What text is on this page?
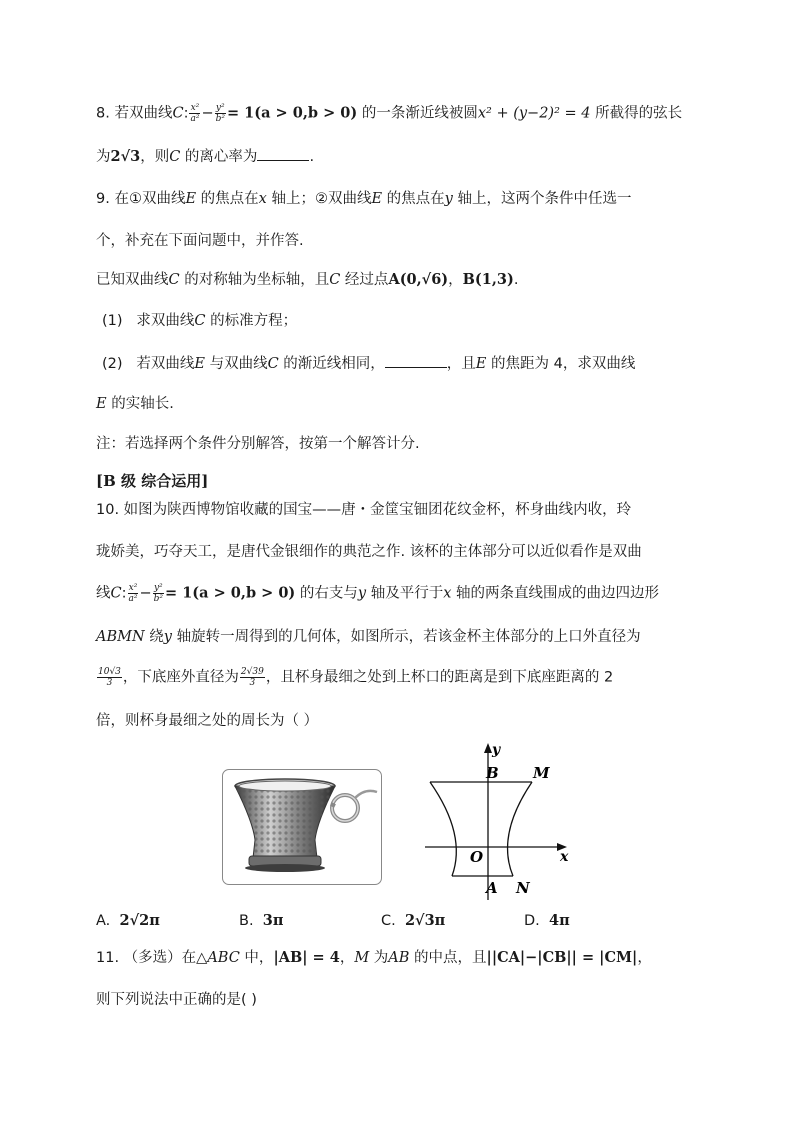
8. 若双曲线C: $\frac{\text{x²}}{\text{a²}} - \frac{\text{y²}}{\text{b²}} = 1(a > 0,b > 0)$ 的一条渐近线被圆x² + (y−2)² = 4 所截得的弦长
为2√3，则C 的离心率为	.
9. 在①双曲线E 的焦点在x 轴上；②双曲线E 的焦点在y 轴上，这两个条件中任选一
个，补充在下面问题中，并作答.
已知双曲线C 的对称轴为坐标轴，且C 经过点A(0,√6)，B(1,3).
(1) 求双曲线C 的标准方程；
(2) 若双曲线E 与双曲线C 的渐近线相同，	，且E 的焦距为 4，求双曲线
E 的实轴长.
注：若选择两个条件分别解答，按第一个解答计分.
[B 级 综合运用]
10. 如图为陕西博物馆收藏的国宝——唐・金筐宝钿团花纹金杯，杯身曲线内收，玲
珑娇美，巧夺天工，是唐代金银细作的典范之作. 该杯的主体部分可以近似看作是双曲
线C: $\frac{\text{x²}}{\text{a²}} - \frac{\text{y²}}{\text{b²}} = 1(a > 0,b > 0)$ 的右支与y 轴及平行于x 轴的两条直线围成的曲边四边形
ABMN 绕y 轴旋转一周得到的几何体，如图所示，若该金杯主体部分的上口外直径为
$\frac{10√3}{3}$ ，下底座外直径为 $\frac{2√39}{3}$ ，且杯身最细之处到上杯口的距离是到下底座距离的 2
倍，则杯身最细之处的周长为（ ）
y
B M
O	x
A N
A. 2√2π	B. 3π	C. 2√3π	D. 4π
11. （多选）在△ABC 中，|AB| = 4，M 为AB 的中点，且||CA|−|CB|| = |CM|，
则下列说法中正确的是( )
